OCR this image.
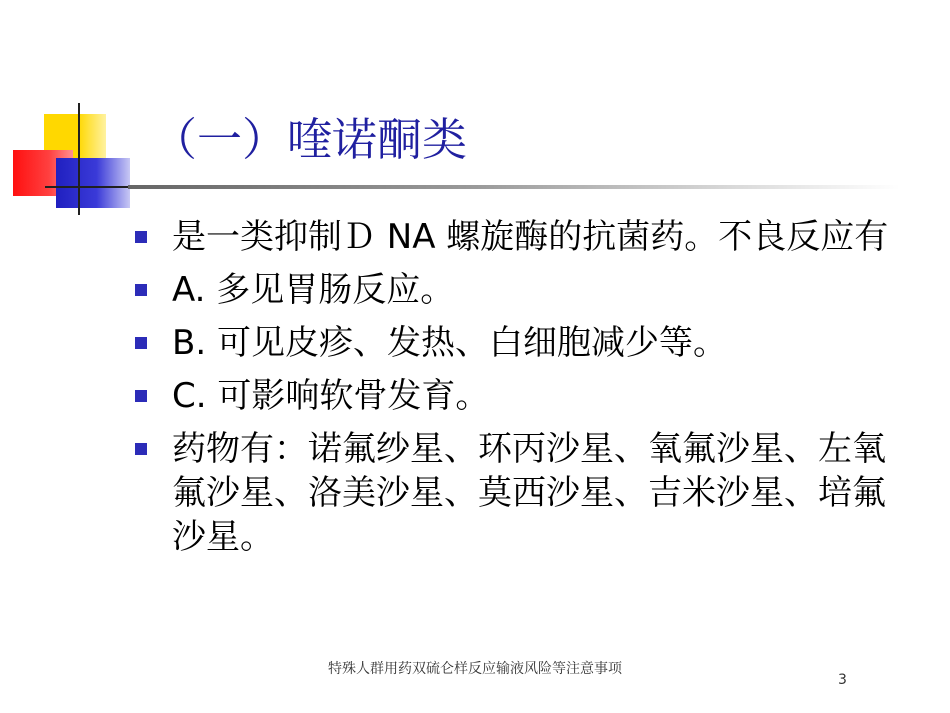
（一）喹诺酮类
是一类抑制Ｄ NA 螺旋酶的抗菌药。不良反应有
A. 多见胃肠反应。
B. 可见皮疹、发热、白细胞减少等。
C. 可影响软骨发育。
药物有：诺氟纱星、环丙沙星、氧氟沙星、左氧氟沙星、洛美沙星、莫西沙星、吉米沙星、培氟沙星。
特殊人群用药双硫仑样反应输液风险等注意事项
3
